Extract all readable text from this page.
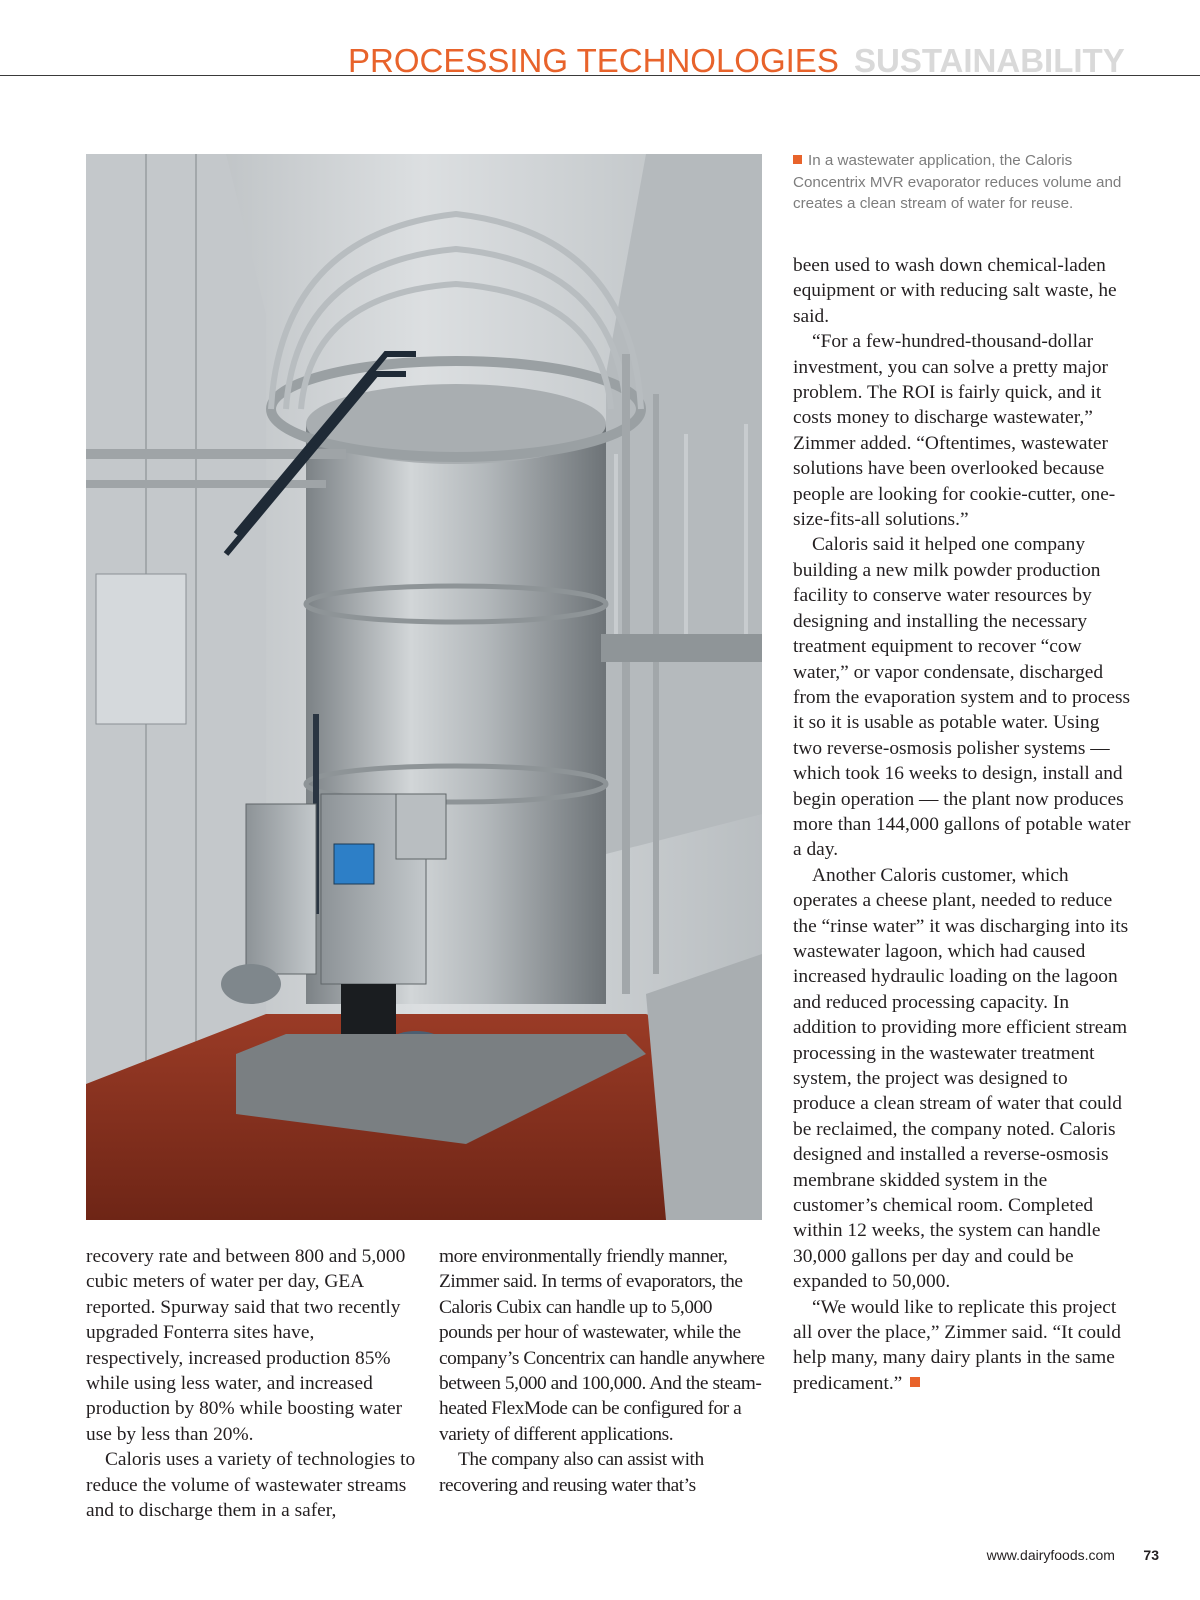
PROCESSING TECHNOLOGIES SUSTAINABILITY
In a wastewater application, the Caloris Concentrix MVR evaporator reduces volume and creates a clean stream of water for reuse.

recovery rate and between 800 and 5,000 cubic meters of water per day, GEA reported. Spurway said that two recently upgraded Fonterra sites have, respectively, increased production 85% while using less water, and increased production by 80% while boosting water use by less than 20%.

Caloris uses a variety of technologies to reduce the volume of wastewater streams and to discharge them in a safer,

more environmentally friendly manner, Zimmer said. In terms of evaporators, the Caloris Cubix can handle up to 5,000 pounds per hour of wastewater, while the company’s Concentrix can handle anywhere between 5,000 and 100,000. And the steam-heated FlexMode can be configured for a variety of different applications.

The company also can assist with recovering and reusing water that’s

been used to wash down chemical-laden equipment or with reducing salt waste, he said.

“For a few-hundred-thousand-dollar investment, you can solve a pretty major problem. The ROI is fairly quick, and it costs money to discharge wastewater,” Zimmer added. “Oftentimes, wastewater solutions have been overlooked because people are looking for cookie-cutter, one-size-fits-all solutions.”

Caloris said it helped one company building a new milk powder production facility to conserve water resources by designing and installing the necessary treatment equipment to recover “cow water,” or vapor condensate, discharged from the evaporation system and to process it so it is usable as potable water. Using two reverse-osmosis polisher systems — which took 16 weeks to design, install and begin operation — the plant now produces more than 144,000 gallons of potable water a day.

Another Caloris customer, which operates a cheese plant, needed to reduce the “rinse water” it was discharging into its wastewater lagoon, which had caused increased hydraulic loading on the lagoon and reduced processing capacity. In addition to providing more efficient stream processing in the wastewater treatment system, the project was designed to produce a clean stream of water that could be reclaimed, the company noted. Caloris designed and installed a reverse-osmosis membrane skidded system in the customer’s chemical room. Completed within 12 weeks, the system can handle 30,000 gallons per day and could be expanded to 50,000.

“We would like to replicate this project all over the place,” Zimmer said. “It could help many, many dairy plants in the same predicament.”

www.dairyfoods.com 73
